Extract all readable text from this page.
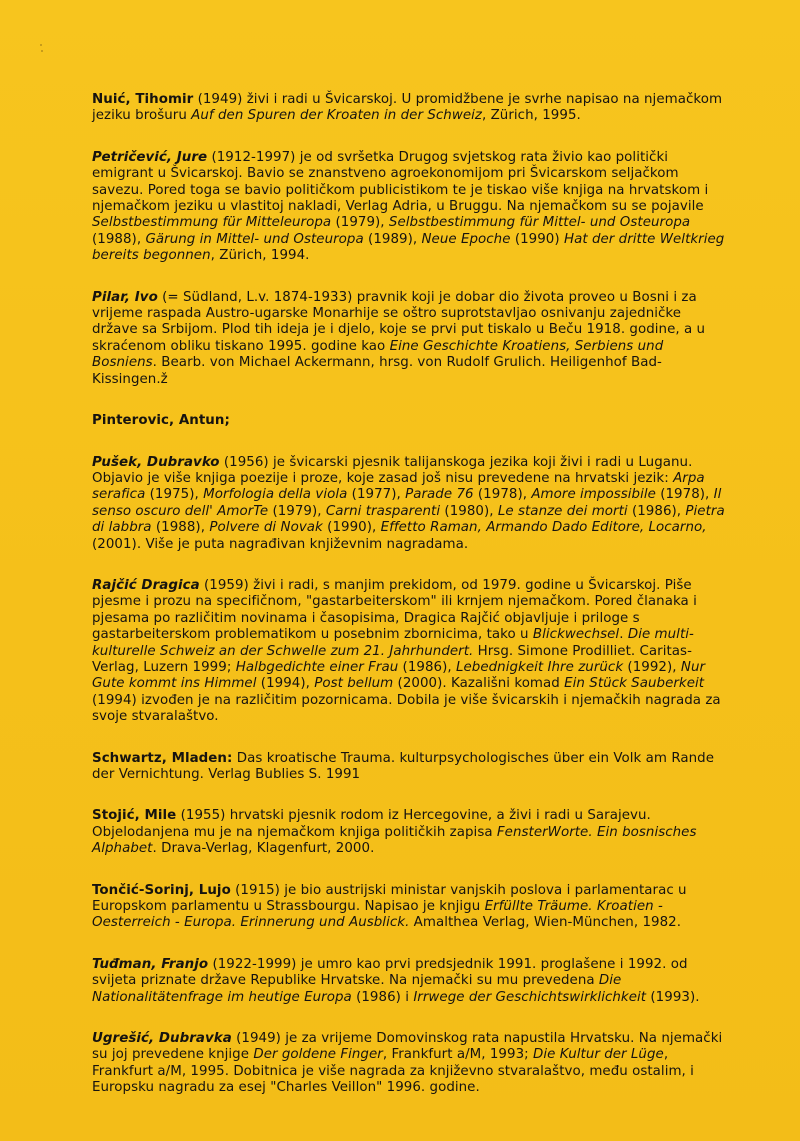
Nuić, Tihomir (1949) živi i radi u Švicarskoj. U promidžbene je svrhe napisao na njemačkom jeziku brošuru Auf den Spuren der Kroaten in der Schweiz, Zürich, 1995.

Petričević, Jure (1912-1997) je od svršetka Drugog svjetskog rata živio kao politički emigrant u Švicarskoj. Bavio se znanstveno agroekonomijom pri Švicarskom seljačkom savezu. Pored toga se bavio političkom publicistikom te je tiskao više knjiga na hrvatskom i njemačkom jeziku u vlastitoj nakladi, Verlag Adria, u Bruggu. Na njemačkom su se pojavile Selbstbestimmung für Mitteleuropa (1979), Selbstbestimmung für Mittel- und Osteuropa (1988), Gärung in Mittel- und Osteuropa (1989), Neue Epoche (1990) Hat der dritte Weltkrieg bereits begonnen, Zürich, 1994.

Pilar, Ivo (= Südland, L.v. 1874-1933) pravnik koji je dobar dio života proveo u Bosni i za vrijeme raspada Austro-ugarske Monarhije se oštro suprotstavljao osnivanju zajedničke države sa Srbijom. Plod tih ideja je i djelo, koje se prvi put tiskalo u Beču 1918. godine, a u skraćenom obliku tiskano 1995. godine kao Eine Geschichte Kroatiens, Serbiens und Bosniens. Bearb. von Michael Ackermann, hrsg. von Rudolf Grulich. Heiligenhof Bad-Kissingen.ž

Pinterovic, Antun;

Pušek, Dubravko (1956) je švicarski pjesnik talijanskoga jezika koji živi i radi u Luganu. Objavio je više knjiga poezije i proze, koje zasad još nisu prevedene na hrvatski jezik: Arpa serafica (1975), Morfologia della viola (1977), Parade 76 (1978), Amore impossibile (1978), Il senso oscuro dell' AmorTe (1979), Carni trasparenti (1980), Le stanze dei morti (1986), Pietra di labbra (1988), Polvere di Novak (1990), Effetto Raman, Armando Dado Editore, Locarno, (2001). Više je puta nagrađivan književnim nagradama.

Rajčić Dragica (1959) živi i radi, s manjim prekidom, od 1979. godine u Švicarskoj. Piše pjesme i prozu na specifičnom, "gastarbeiterskom" ili krnjem njemačkom. Pored članaka i pjesama po različitim novinama i časopisima, Dragica Rajčić objavljuje i priloge s gastarbeiterskom problematikom u posebnim zbornicima, tako u Blickwechsel. Die multi-kulturelle Schweiz an der Schwelle zum 21. Jahrhundert. Hrsg. Simone Prodilliet. Caritas-Verlag, Luzern 1999; Halbgedichte einer Frau (1986), Lebednigkeit Ihre zurück (1992), Nur Gute kommt ins Himmel (1994), Post bellum (2000). Kazališni komad Ein Stück Sauberkeit (1994) izvođen je na različitim pozornicama. Dobila je više švicarskih i njemačkih nagrada za svoje stvaralaštvo.

Schwartz, Mladen: Das kroatische Trauma. kulturpsychologisches über ein Volk am Rande der Vernichtung. Verlag Bublies S. 1991

Stojić, Mile (1955) hrvatski pjesnik rodom iz Hercegovine, a živi i radi u Sarajevu. Objelodanjena mu je na njemačkom knjiga političkih zapisa FensterWorte. Ein bosnisches Alphabet. Drava-Verlag, Klagenfurt, 2000.

Tončić-Sorinj, Lujo (1915) je bio austrijski ministar vanjskih poslova i parlamentarac u Europskom parlamentu u Strassbourgu. Napisao je knjigu Erfüllte Träume. Kroatien - Oesterreich - Europa. Erinnerung und Ausblick. Amalthea Verlag, Wien-München, 1982.

Tuđman, Franjo (1922-1999) je umro kao prvi predsjednik 1991. proglašene i 1992. od svijeta priznate države Republike Hrvatske. Na njemački su mu prevedena Die Nationalitätenfrage im heutige Europa (1986) i Irrwege der Geschichtswirklichkeit (1993).

Ugrešić, Dubravka (1949) je za vrijeme Domovinskog rata napustila Hrvatsku. Na njemački su joj prevedene knjige Der goldene Finger, Frankfurt a/M, 1993; Die Kultur der Lüge, Frankfurt a/M, 1995. Dobitnica je više nagrada za književno stvaralaštvo, među ostalim, i Europsku nagradu za esej "Charles Veillon" 1996. godine.
